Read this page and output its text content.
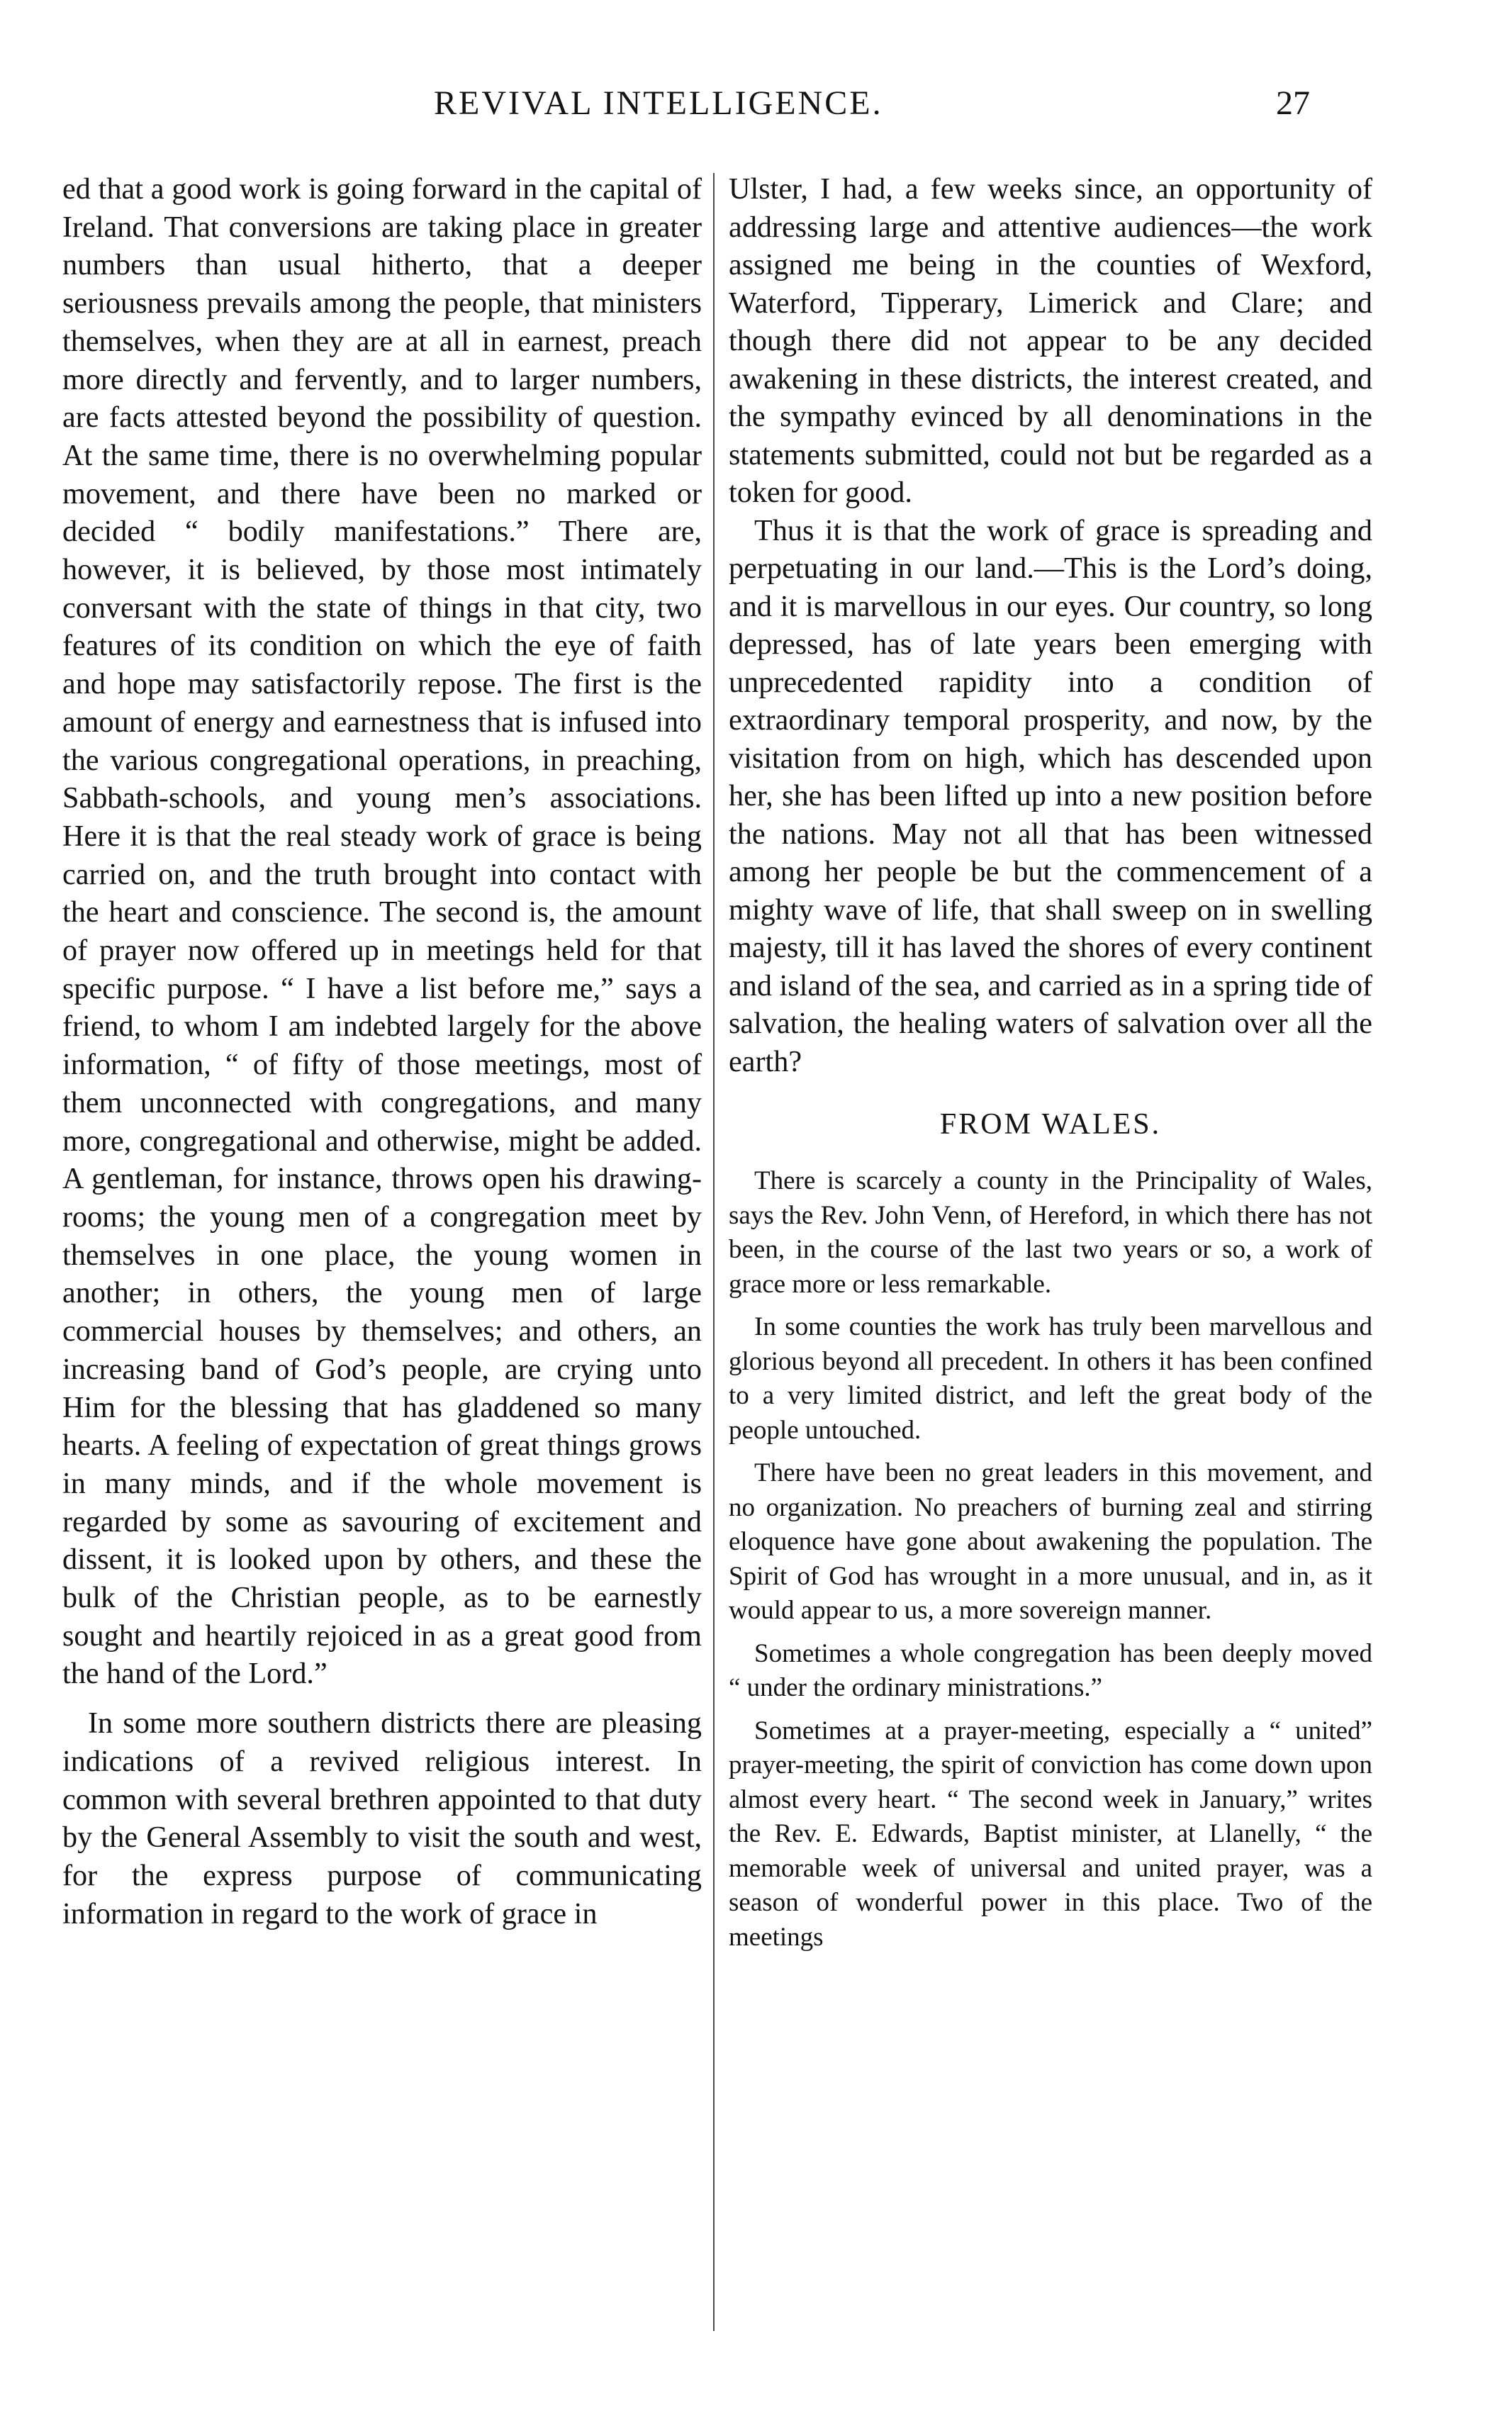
REVIVAL INTELLIGENCE.	27

ed that a good work is going forward in the capital of Ireland. That conversions are taking place in greater numbers than usual hitherto, that a deeper seriousness prevails among the people, that ministers themselves, when they are at all in earnest, preach more directly and fervently, and to larger numbers, are facts attested beyond the possibility of question. At the same time, there is no overwhelming popular movement, and there have been no marked or decided “ bodily manifestations.” There are, however, it is believed, by those most intimately conversant with the state of things in that city, two features of its condition on which the eye of faith and hope may satisfactorily repose. The first is the amount of energy and earnestness that is infused into the various congregational operations, in preaching, Sabbath-schools, and young men’s associations. Here it is that the real steady work of grace is being carried on, and the truth brought into contact with the heart and conscience. The second is, the amount of prayer now offered up in meetings held for that specific purpose. “ I have a list before me,” says a friend, to whom I am indebted largely for the above information, “ of fifty of those meetings, most of them unconnected with congregations, and many more, congregational and otherwise, might be added. A gentleman, for instance, throws open his drawing-rooms; the young men of a congregation meet by themselves in one place, the young women in another; in others, the young men of large commercial houses by themselves; and others, an increasing band of God’s people, are crying unto Him for the blessing that has gladdened so many hearts. A feeling of expectation of great things grows in many minds, and if the whole movement is regarded by some as savouring of excitement and dissent, it is looked upon by others, and these the bulk of the Christian people, as to be earnestly sought and heartily rejoiced in as a great good from the hand of the Lord.”

In some more southern districts there are pleasing indications of a revived religious interest. In common with several brethren appointed to that duty by the General Assembly to visit the south and west, for the express purpose of communicating information in regard to the work of grace in

Ulster, I had, a few weeks since, an opportunity of addressing large and attentive audiences—the work assigned me being in the counties of Wexford, Waterford, Tipperary, Limerick and Clare; and though there did not appear to be any decided awakening in these districts, the interest created, and the sympathy evinced by all denominations in the statements submitted, could not but be regarded as a token for good.

Thus it is that the work of grace is spreading and perpetuating in our land.—This is the Lord’s doing, and it is marvellous in our eyes. Our country, so long depressed, has of late years been emerging with unprecedented rapidity into a condition of extraordinary temporal prosperity, and now, by the visitation from on high, which has descended upon her, she has been lifted up into a new position before the nations. May not all that has been witnessed among her people be but the commencement of a mighty wave of life, that shall sweep on in swelling majesty, till it has laved the shores of every continent and island of the sea, and carried as in a spring tide of salvation, the healing waters of salvation over all the earth?

FROM WALES.

There is scarcely a county in the Principality of Wales, says the Rev. John Venn, of Hereford, in which there has not been, in the course of the last two years or so, a work of grace more or less remarkable.

In some counties the work has truly been marvellous and glorious beyond all precedent. In others it has been confined to a very limited district, and left the great body of the people untouched.

There have been no great leaders in this movement, and no organization. No preachers of burning zeal and stirring eloquence have gone about awakening the population. The Spirit of God has wrought in a more unusual, and in, as it would appear to us, a more sovereign manner.

Sometimes a whole congregation has been deeply moved “ under the ordinary ministrations.”

Sometimes at a prayer-meeting, especially a “ united” prayer-meeting, the spirit of conviction has come down upon almost every heart. “ The second week in January,” writes the Rev. E. Edwards, Baptist minister, at Llanelly, “ the memorable week of universal and united prayer, was a season of wonderful power in this place. Two of the meetings
